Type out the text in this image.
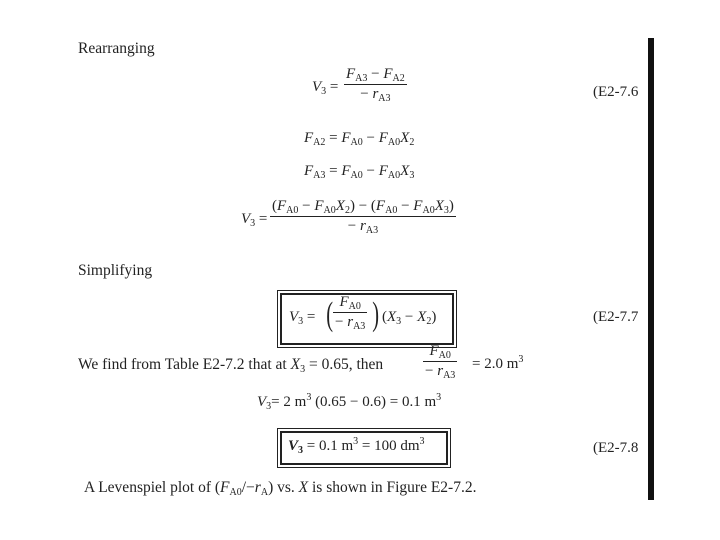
Rearranging
$V_3 = \frac{F_{A3} - F_{A2}}{- r_{A3}}$	(E2-7.6
$F_{A2} = F_{A0} - F_{A0}X_2$
$F_{A3} = F_{A0} - F_{A0}X_3$
$V_3 = \frac{(F_{A0} - F_{A0}X_2) - (F_{A0} - F_{A0}X_3)}{- r_{A3}}$
Simplifying
$V_3$ = ( $\frac{F_{A0}}{- r_{A3}}$ ) $(X_3 - X_2)$	(E2-7.7
We find from Table E2-7.2 that at $X_3 = 0.65$, then	$\frac{F_{A0}}{- r_{A3}} = 2.0$ $m^3$
$V_3= 2$ $m^3$ (0.65 − 0.6) = 0.1 $m^3$
$V_3 = 0.1$ $m^3 = 100$ $dm^3$	(E2-7.8
A Levenspiel plot of $(F_{A0}/-r_A)$ vs. X is shown in Figure E2-7.2.
